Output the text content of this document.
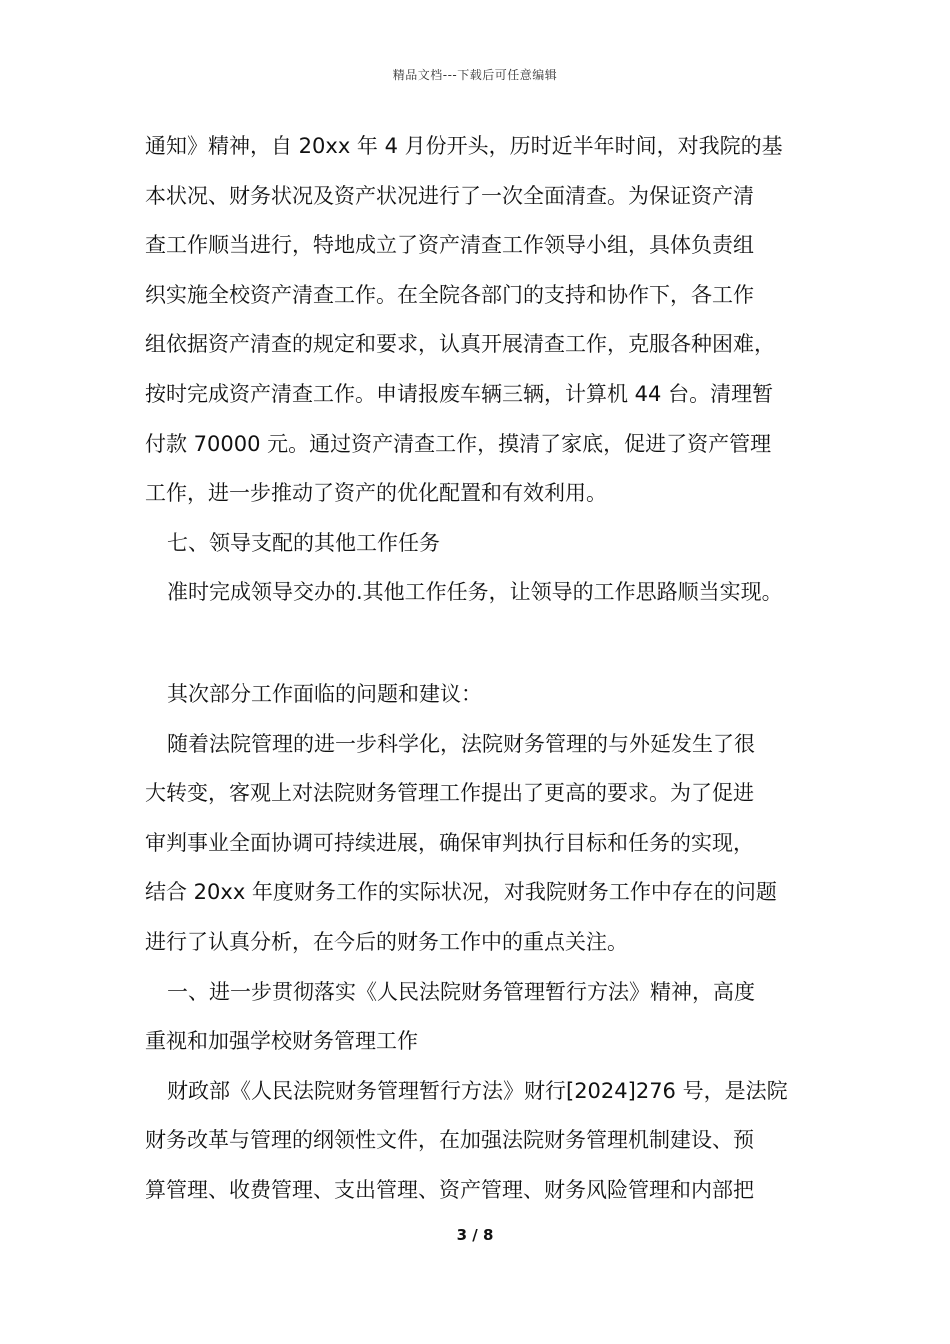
精品文档---下载后可任意编辑
通知》精神，自 20xx 年 4 月份开头，历时近半年时间，对我院的基
本状况、财务状况及资产状况进行了一次全面清查。为保证资产清
查工作顺当进行，特地成立了资产清查工作领导小组，具体负责组
织实施全校资产清查工作。在全院各部门的支持和协作下，各工作
组依据资产清查的规定和要求，认真开展清查工作，克服各种困难，
按时完成资产清查工作。申请报废车辆三辆，计算机 44 台。清理暂
付款 70000 元。通过资产清查工作，摸清了家底，促进了资产管理
工作，进一步推动了资产的优化配置和有效利用。
七、领导支配的其他工作任务
准时完成领导交办的.其他工作任务，让领导的工作思路顺当实现。
其次部分工作面临的问题和建议：
随着法院管理的进一步科学化，法院财务管理的与外延发生了很
大转变，客观上对法院财务管理工作提出了更高的要求。为了促进
审判事业全面协调可持续进展，确保审判执行目标和任务的实现，
结合 20xx 年度财务工作的实际状况，对我院财务工作中存在的问题
进行了认真分析，在今后的财务工作中的重点关注。
一、进一步贯彻落实《人民法院财务管理暂行方法》精神，高度
重视和加强学校财务管理工作
财政部《人民法院财务管理暂行方法》财行[2024]276 号，是法院
财务改革与管理的纲领性文件，在加强法院财务管理机制建设、预
算管理、收费管理、支出管理、资产管理、财务风险管理和内部把
3 / 8
